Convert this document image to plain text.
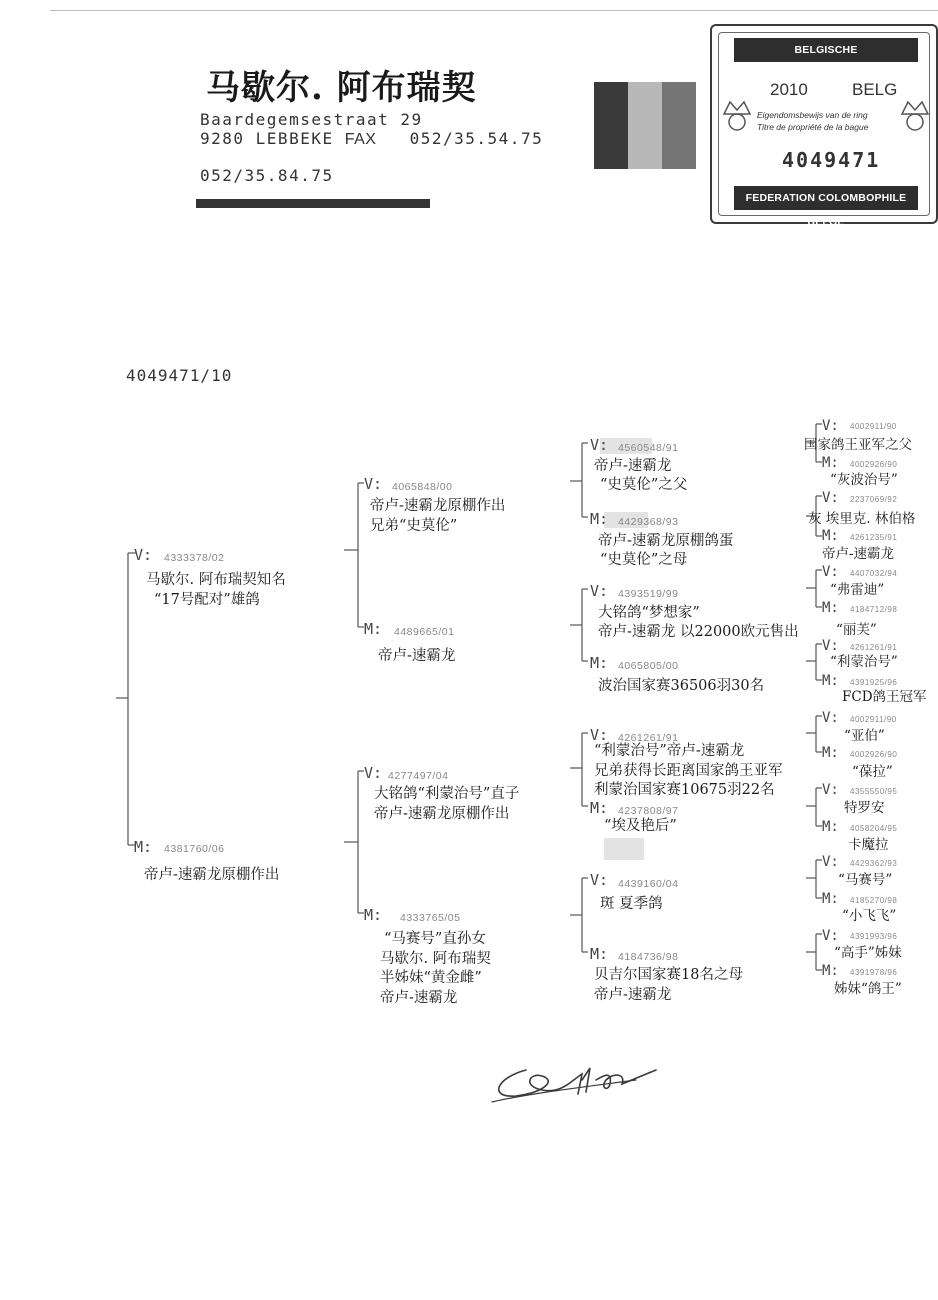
马歇尔. 阿布瑞契
Baardegemsestraat 29
9280 LEBBEKE FAX 052/35.54.75
052/35.84.75
BELGISCHE DUIVENLIEFHEBBERSBOND
2010	BELG
Eigendomsbewijs van de ring
Titre de propriété de la bague
4049471
FEDERATION COLOMBOPHILE BELGE
4049471/10
V: 4333378/02
马歇尔. 阿布瑞契知名
“17号配对”雄鸽
M: 4381760/06
帝卢-速霸龙原棚作出
V: 4065848/00
帝卢-速霸龙原棚作出
兄弟“史莫伦”
M: 4489665/01
帝卢-速霸龙
V: 4277497/04
大铭鸽“利蒙治号”直子
帝卢-速霸龙原棚作出
M: 4333765/05
“马赛号”直孙女
马歇尔. 阿布瑞契
半姊妹“黄金雌”
帝卢-速霸龙
V: 4560548/91
帝卢-速霸龙
“史莫伦”之父
M: 4429368/93
帝卢-速霸龙原棚鸽蛋
“史莫伦”之母
V: 4393519/99
大铭鸽“梦想家”
帝卢-速霸龙 以22000欧元售出
M: 4065805/00
波治国家赛36506羽30名
V: 4261261/91
“利蒙治号”帝卢-速霸龙
兄弟获得长距离国家鸽王亚军
利蒙治国家赛10675羽22名
M: 4237808/97
“埃及艳后”
V: 4439160/04
斑 夏季鸽
M: 4184736/98
贝吉尔国家赛18名之母
帝卢-速霸龙
V: 4002911/90
国家鸽王亚军之父
M: 4002926/90
“灰波治号”
V: 2237069/92
灰 埃里克. 林伯格
M: 4261235/91
帝卢-速霸龙
V: 4407032/94
“弗雷迪”
M: 4184712/98
“丽芙”
V: 4261261/91
“利蒙治号”
M: 4391925/96
FCD鸽王冠军
V: 4002911/90
“亚伯”
M: 4002926/90
“葆拉”
V: 4355550/95
特罗安
M: 4058204/95
卡魔拉
V: 4429362/93
“马赛号”
M: 4185270/98
“小飞飞”
V: 4391993/96
“高手”姊妹
M: 4391978/96
姊妹“鸽王”
